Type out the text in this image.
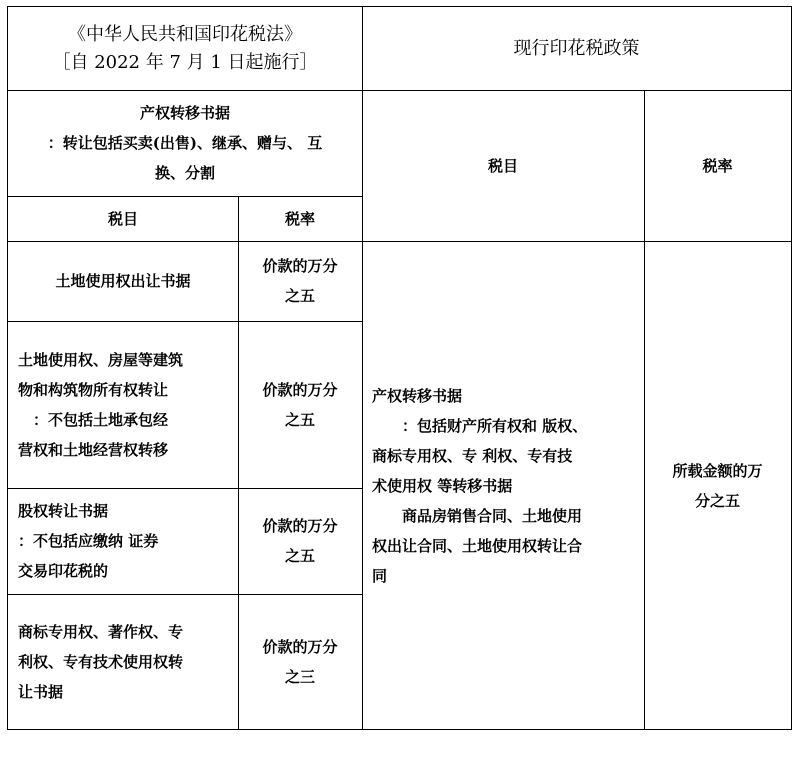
《中华人民共和国印花税法》
［自 2022 年 7 月 1 日起施行］
产权转移书据
：转让包括买卖(出售)、继承、赠与、 互
换、分割
税目	税率
土地使用权出让书据
价款的万分
之五
土地使用权、房屋等建筑
物和构筑物所有权转让
　：不包括土地承包经
营权和土地经营权转移
价款的万分
之五
股权转让书据
：不包括应缴纳 证券
交易印花税的
价款的万分
之五
商标专用权、著作权、专
利权、专有技术使用权转
让书据
价款的万分
之三
现行印花税政策
税目	税率
产权转移书据
　　：包括财产所有权和 版权、
商标专用权、专 利权、专有技
术使用权 等转移书据
　　商品房销售合同、土地使用
权出让合同、土地使用权转让合
同
所载金额的万
分之五
